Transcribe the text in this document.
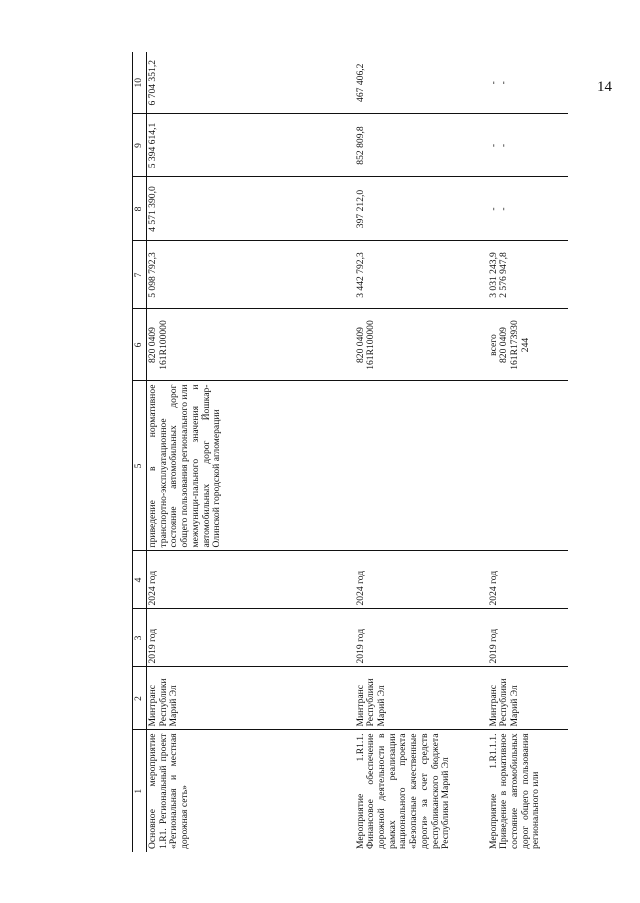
14
1	2	3	4	5	6	7	8	9	10
Основное мероприятие 1.R1. Региональный проект «Региональная и местная дорожная сеть»	Минтранс Республики Марий Эл	2019 год	2024 год	приведение в нормативное транспортно-эксплуатационное состояние автомобильных дорог общего пользования регионального или межмуници-пального значения и автомобильных дорог Йошкар-Олинской городской агломерации	820 0409 161R100000	5 098 792,3	4 571 390,0	5 394 614,1	6 704 351,2

Мероприятие 1.R1.1. Финансовое обеспечение дорожной деятельности в рамках реализации национального проекта «Безопасные качественные дороги» за счет средств республиканского бюджета Республики Марий Эл	Минтранс Республики Марий Эл	2019 год	2024 год		820 0409 161R100000	3 442 792,3	397 212,0	852 809,8	467 406,2

Мероприятие 1.R1.1.1. Приведение в нормативное состояние автомобильных дорог общего пользования регионального или	Минтранс Республики Марий Эл	2019 год	2024 год		всего 820 0409 161R173930 244	3 031 243,9 2 576 947,8	- -	- -	- -
